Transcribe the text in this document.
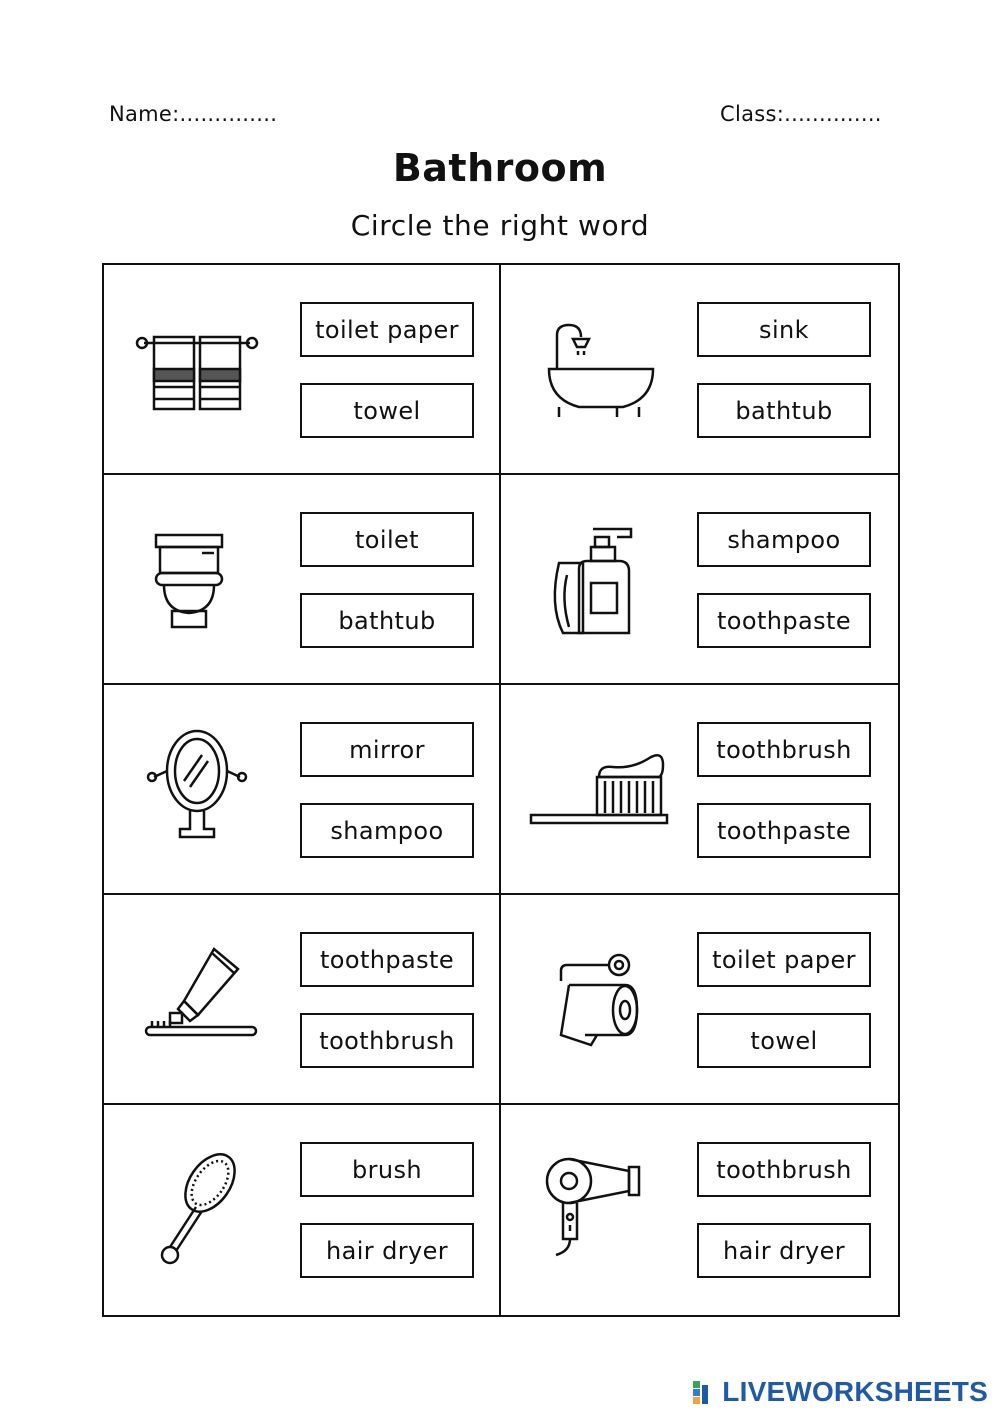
Name:..............	Class:..............
Bathroom
Circle the right word
toilet paper
towel
sink
bathtub
toilet
bathtub
shampoo
toothpaste
mirror
shampoo
toothbrush
toothpaste
toothpaste
toothbrush
toilet paper
towel
brush
hair dryer
toothbrush
hair dryer
LIVEWORKSHEETS
